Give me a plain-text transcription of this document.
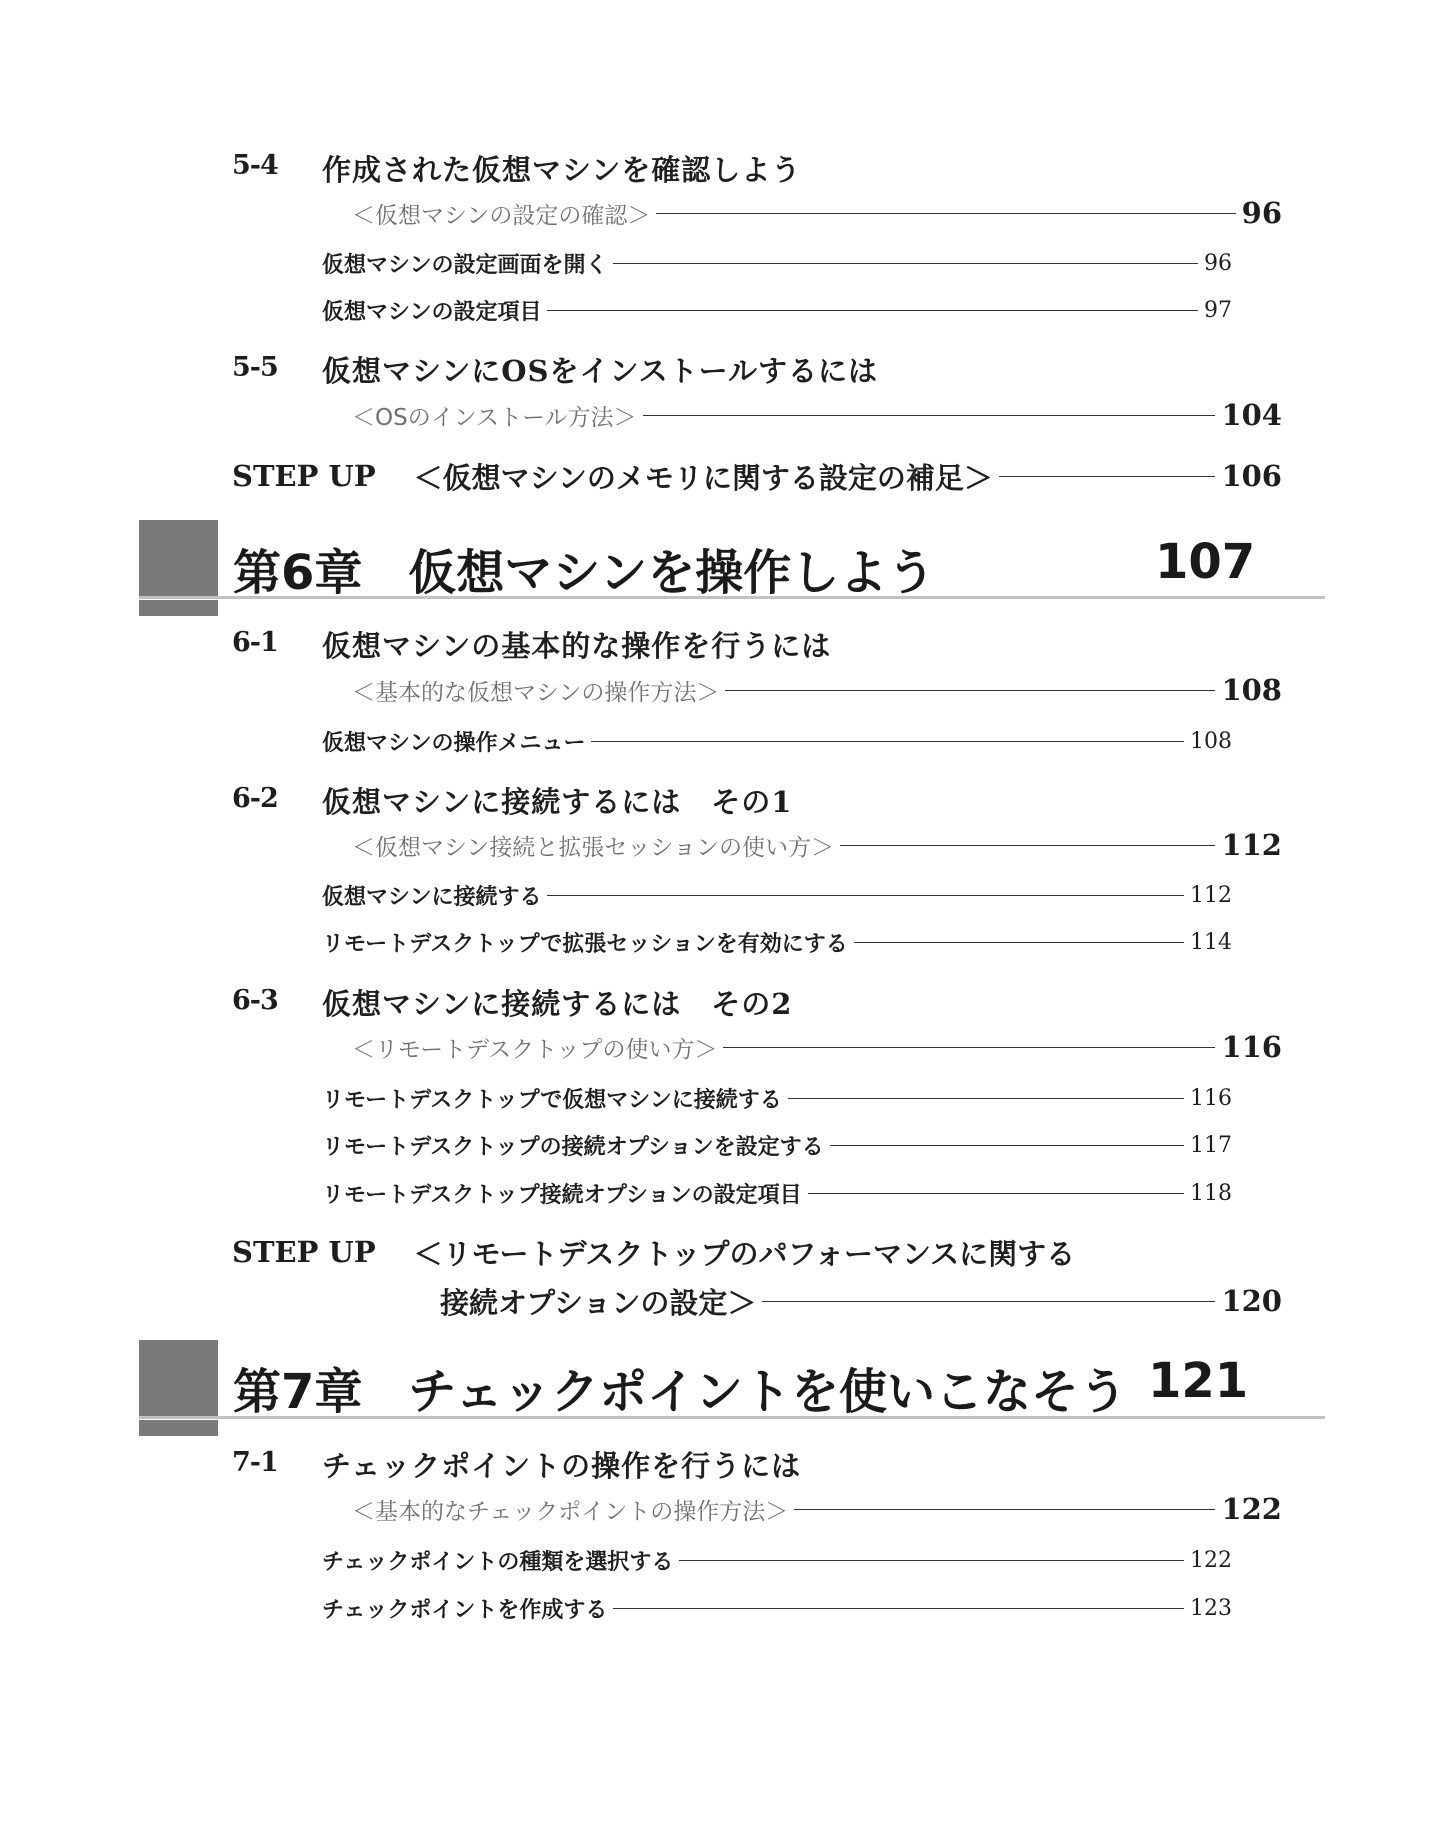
5-4 作成された仮想マシンを確認しよう
＜仮想マシンの設定の確認＞	96
仮想マシンの設定画面を開く	96
仮想マシンの設定項目	97
5-5 仮想マシンにOSをインストールするには
＜OSのインストール方法＞	104
STEP UP ＜仮想マシンのメモリに関する設定の補足＞	106
第6章 仮想マシンを操作しよう	107
6-1 仮想マシンの基本的な操作を行うには
＜基本的な仮想マシンの操作方法＞	108
仮想マシンの操作メニュー	108
6-2 仮想マシンに接続するには　その1
＜仮想マシン接続と拡張セッションの使い方＞	112
仮想マシンに接続する	112
リモートデスクトップで拡張セッションを有効にする	114
6-3 仮想マシンに接続するには　その2
＜リモートデスクトップの使い方＞	116
リモートデスクトップで仮想マシンに接続する	116
リモートデスクトップの接続オプションを設定する	117
リモートデスクトップ接続オプションの設定項目	118
STEP UP ＜リモートデスクトップのパフォーマンスに関する
接続オプションの設定＞	120
第7章 チェックポイントを使いこなそう 121
7-1 チェックポイントの操作を行うには
＜基本的なチェックポイントの操作方法＞	122
チェックポイントの種類を選択する	122
チェックポイントを作成する	123
